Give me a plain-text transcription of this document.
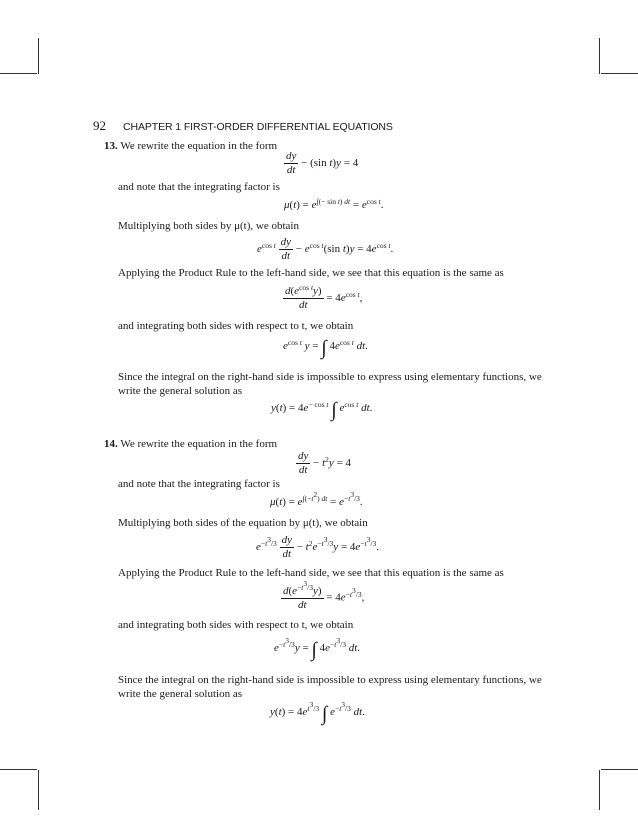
92 CHAPTER 1 FIRST-ORDER DIFFERENTIAL EQUATIONS
13. We rewrite the equation in the form
$\frac{dy}{dt} - (\sin$ t)y = 4
and note that the integrating factor is
$\mu(t) = e^{\int(- sin t) dt} = e^{cos t}$.
Multiplying both sides by μ(t), we obtain
$e^{cos t} \frac{dy}{dt} - e^{cos t}(\sin$ $t)y = 4e^{cos t}$.
Applying the Product Rule to the left-hand side, we see that this equation is the same as
$\frac{d(e^{cos t}y)}{dt} = 4e^{cos t}$,
and integrating both sides with respect to t, we obtain
$e^{cos t}$ y = ∫ $4e^{cos t}$ dt.
Since the integral on the right-hand side is impossible to express using elementary functions, we
write the general solution as
$y(t) = 4e^{- cos t}$ ∫ $e^{cos t}$ dt.
14. We rewrite the equation in the form
$\frac{dy}{dt} - t^2y = 4$
and note that the integrating factor is
$\mu(t) = e^{\int(-t^2) dt} = e^{-t^3/3}$.
Multiplying both sides of the equation by μ(t), we obtain
$e^{-t^3/3} \frac{dy}{dt} - t^2e^{-t^3/3}y = 4e^{-t^3/3}$.
Applying the Product Rule to the left-hand side, we see that this equation is the same as
$\frac{d(e^{-t^3/3}y)}{dt} = 4e^{-t^3/3}$,
and integrating both sides with respect to t, we obtain
$e^{-t^3/3}y$ = ∫ $4e^{-t^3/3}$ dt.
Since the integral on the right-hand side is impossible to express using elementary functions, we
write the general solution as
$y(t) = 4e^{t^3/3}$ ∫ $e^{-t^3/3}$ dt.
